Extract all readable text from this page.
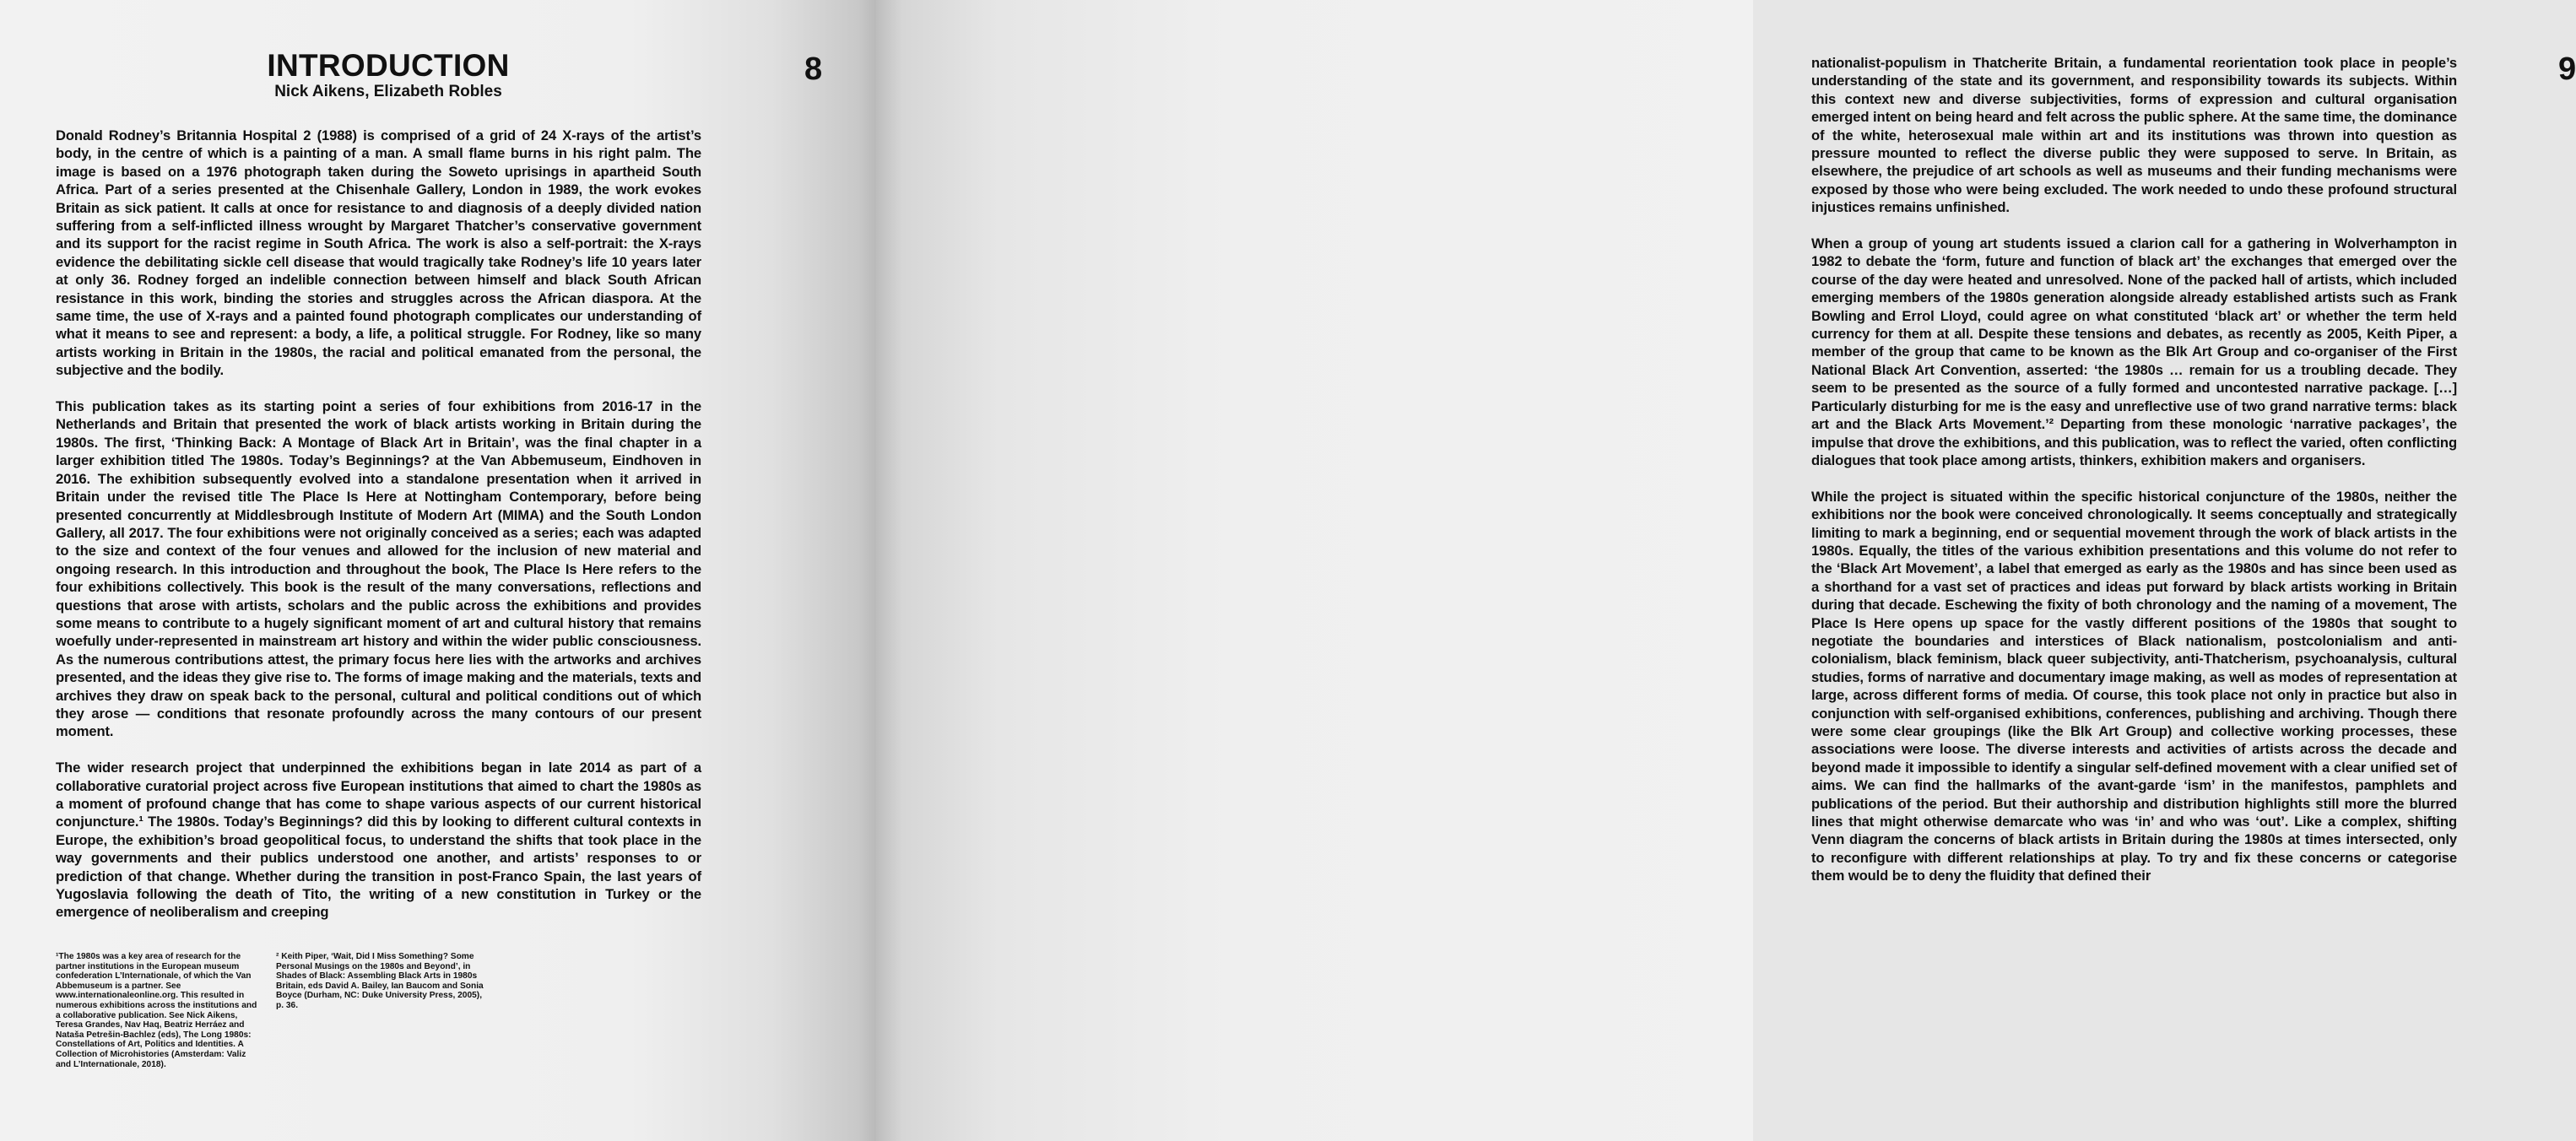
INTRODUCTION
Nick Aikens, Elizabeth Robles
8

Donald Rodney’s Britannia Hospital 2 (1988) is comprised of a grid of 24 X-rays of the artist’s body, in the centre of which is a painting of a man. A small flame burns in his right palm. The image is based on a 1976 photograph taken during the Soweto uprisings in apartheid South Africa. Part of a series presented at the Chisenhale Gallery, London in 1989, the work evokes Britain as sick patient. It calls at once for resistance to and diagnosis of a deeply divided nation suffering from a self-inflicted illness wrought by Margaret Thatcher’s conservative government and its support for the racist regime in South Africa. The work is also a self-portrait: the X-rays evidence the debilitating sickle cell disease that would tragically take Rodney’s life 10 years later at only 36. Rodney forged an indelible connection between himself and black South African resistance in this work, binding the stories and struggles across the African diaspora. At the same time, the use of X-rays and a painted found photograph complicates our understanding of what it means to see and represent: a body, a life, a political struggle. For Rodney, like so many artists working in Britain in the 1980s, the racial and political emanated from the personal, the subjective and the bodily.

This publication takes as its starting point a series of four exhibitions from 2016-17 in the Netherlands and Britain that presented the work of black artists working in Britain during the 1980s. The first, ‘Thinking Back: A Montage of Black Art in Britain’, was the final chapter in a larger exhibition titled The 1980s. Today’s Beginnings? at the Van Abbemuseum, Eindhoven in 2016. The exhibition subsequently evolved into a standalone presentation when it arrived in Britain under the revised title The Place Is Here at Nottingham Contemporary, before being presented concurrently at Middlesbrough Institute of Modern Art (MIMA) and the South London Gallery, all 2017. The four exhibitions were not originally conceived as a series; each was adapted to the size and context of the four venues and allowed for the inclusion of new material and ongoing research. In this introduction and throughout the book, The Place Is Here refers to the four exhibitions collectively. This book is the result of the many conversations, reflections and questions that arose with artists, scholars and the public across the exhibitions and provides some means to contribute to a hugely significant moment of art and cultural history that remains woefully under-represented in mainstream art history and within the wider public consciousness. As the numerous contributions attest, the primary focus here lies with the artworks and archives presented, and the ideas they give rise to. The forms of image making and the materials, texts and archives they draw on speak back to the personal, cultural and political conditions out of which they arose — conditions that resonate profoundly across the many contours of our present moment.

The wider research project that underpinned the exhibitions began in late 2014 as part of a collaborative curatorial project across five European institutions that aimed to chart the 1980s as a moment of profound change that has come to shape various aspects of our current historical conjuncture.¹ The 1980s. Today’s Beginnings? did this by looking to different cultural contexts in Europe, the exhibition’s broad geopolitical focus, to understand the shifts that took place in the way governments and their publics understood one another, and artists’ responses to or prediction of that change. Whether during the transition in post-Franco Spain, the last years of Yugoslavia following the death of Tito, the writing of a new constitution in Turkey or the emergence of neoliberalism and creeping

¹The 1980s was a key area of research for the partner institutions in the European museum confederation L’Internationale, of which the Van Abbemuseum is a partner. See www.internationaleonline.org. This resulted in numerous exhibitions across the institutions and a collaborative publication. See Nick Aikens, Teresa Grandes, Nav Haq, Beatriz Herráez and Nataša Petrešin-Bachlez (eds), The Long 1980s: Constellations of Art, Politics and Identities. A Collection of Microhistories (Amsterdam: Valiz and L’Internationale, 2018).
² Keith Piper, ‘Wait, Did I Miss Something? Some Personal Musings on the 1980s and Beyond’, in Shades of Black: Assembling Black Arts in 1980s Britain, eds David A. Bailey, Ian Baucom and Sonia Boyce (Durham, NC: Duke University Press, 2005), p. 36.
9

nationalist-populism in Thatcherite Britain, a fundamental reorientation took place in people’s understanding of the state and its government, and responsibility towards its subjects. Within this context new and diverse subjectivities, forms of expression and cultural organisation emerged intent on being heard and felt across the public sphere. At the same time, the dominance of the white, heterosexual male within art and its institutions was thrown into question as pressure mounted to reflect the diverse public they were supposed to serve. In Britain, as elsewhere, the prejudice of art schools as well as museums and their funding mechanisms were exposed by those who were being excluded. The work needed to undo these profound structural injustices remains unfinished.

When a group of young art students issued a clarion call for a gathering in Wolverhampton in 1982 to debate the ‘form, future and function of black art’ the exchanges that emerged over the course of the day were heated and unresolved. None of the packed hall of artists, which included emerging members of the 1980s generation alongside already established artists such as Frank Bowling and Errol Lloyd, could agree on what constituted ‘black art’ or whether the term held currency for them at all. Despite these tensions and debates, as recently as 2005, Keith Piper, a member of the group that came to be known as the Blk Art Group and co-organiser of the First National Black Art Convention, asserted: ‘the 1980s … remain for us a troubling decade. They seem to be presented as the source of a fully formed and uncontested narrative package. […] Particularly disturbing for me is the easy and unreflective use of two grand narrative terms: black art and the Black Arts Movement.’² Departing from these monologic ‘narrative packages’, the impulse that drove the exhibitions, and this publication, was to reflect the varied, often conflicting dialogues that took place among artists, thinkers, exhibition makers and organisers.

While the project is situated within the specific historical conjuncture of the 1980s, neither the exhibitions nor the book were conceived chronologically. It seems conceptually and strategically limiting to mark a beginning, end or sequential movement through the work of black artists in the 1980s. Equally, the titles of the various exhibition presentations and this volume do not refer to the ‘Black Art Movement’, a label that emerged as early as the 1980s and has since been used as a shorthand for a vast set of practices and ideas put forward by black artists working in Britain during that decade. Eschewing the fixity of both chronology and the naming of a movement, The Place Is Here opens up space for the vastly different positions of the 1980s that sought to negotiate the boundaries and interstices of Black nationalism, postcolonialism and anti-colonialism, black feminism, black queer subjectivity, anti-Thatcherism, psychoanalysis, cultural studies, forms of narrative and documentary image making, as well as modes of representation at large, across different forms of media. Of course, this took place not only in practice but also in conjunction with self-organised exhibitions, conferences, publishing and archiving. Though there were some clear groupings (like the Blk Art Group) and collective working processes, these associations were loose. The diverse interests and activities of artists across the decade and beyond made it impossible to identify a singular self-defined movement with a clear unified set of aims. We can find the hallmarks of the avant-garde ‘ism’ in the manifestos, pamphlets and publications of the period. But their authorship and distribution highlights still more the blurred lines that might otherwise demarcate who was ‘in’ and who was ‘out’. Like a complex, shifting Venn diagram the concerns of black artists in Britain during the 1980s at times intersected, only to reconfigure with different relationships at play. To try and fix these concerns or categorise them would be to deny the fluidity that defined their
